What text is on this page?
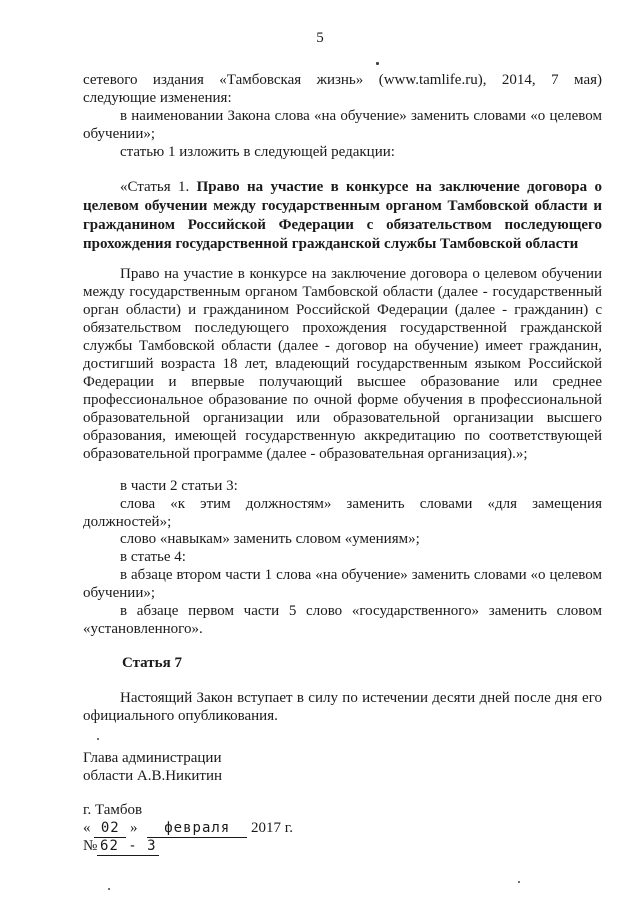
5
сетевого издания «Тамбовская жизнь» (www.tamlife.ru), 2014, 7 мая)
следующие изменения:
в наименовании Закона слова «на обучение» заменить словами «о целевом обучении»;
статью 1 изложить в следующей редакции:
«Статья 1. Право на участие в конкурсе на заключение договора о целевом обучении между государственным органом Тамбовской области и гражданином Российской Федерации с обязательством последующего прохождения государственной гражданской службы Тамбовской области
Право на участие в конкурсе на заключение договора о целевом обучении между государственным органом Тамбовской области (далее - государственный орган области) и гражданином Российской Федерации (далее - гражданин) с обязательством последующего прохождения государственной гражданской службы Тамбовской области (далее - договор на обучение) имеет гражданин, достигший возраста 18 лет, владеющий государственным языком Российской Федерации и впервые получающий высшее образование или среднее профессиональное образование по очной форме обучения в профессиональной образовательной организации или образовательной организации высшего образования, имеющей государственную аккредитацию по соответствующей образовательной программе (далее - образовательная организация).»;
в части 2 статьи 3:
слова «к этим должностям» заменить словами «для замещения должностей»;
слово «навыкам» заменить словом «умениям»;
в статье 4:
в абзаце втором части 1 слова «на обучение» заменить словами «о целевом обучении»;
в абзаце первом части 5 слово «государственного» заменить словом «установленного».
Статья 7
Настоящий Закон вступает в силу по истечении десяти дней после дня его официального опубликования.
Глава администрации
области А.В.Никитин
г. Тамбов
« 02 » февраля 2017 г.
№ 62 - З
